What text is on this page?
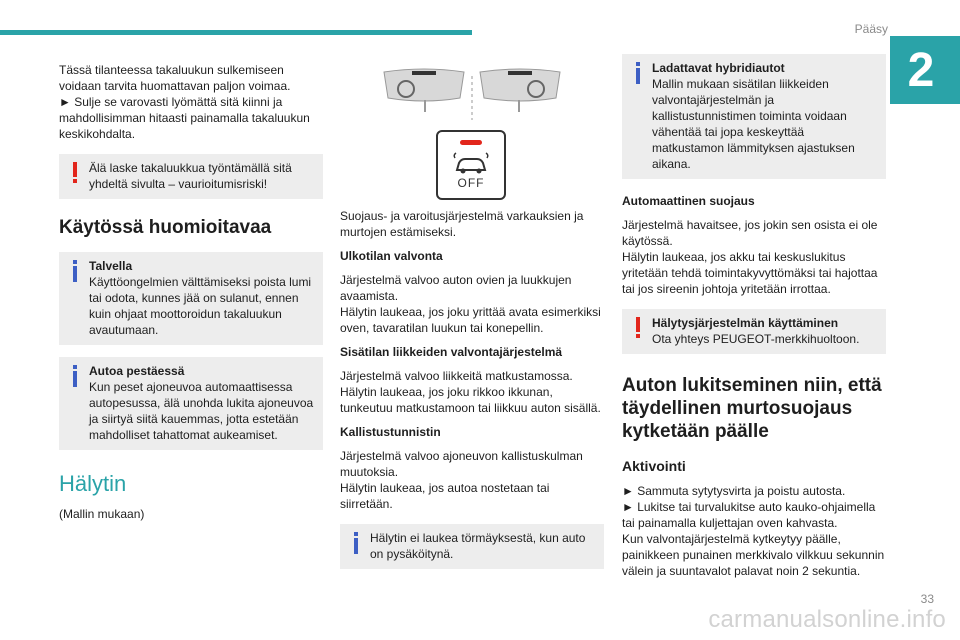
Pääsy
2

Tässä tilanteessa takaluukun sulkemiseen voidaan tarvita huomattavan paljon voimaa.

► Sulje se varovasti lyömättä sitä kiinni ja mahdollisimman hitaasti painamalla takaluukun keskikohdalta.

Älä laske takaluukkua työntämällä sitä yhdeltä sivulta – vaurioitumisriski!
Käytössä huomioitavaa
Talvella
Käyttöongelmien välttämiseksi poista lumi tai odota, kunnes jää on sulanut, ennen kuin ohjaat moottoroidun takaluukun avautumaan.
Autoa pestäessä
Kun peset ajoneuvoa automaattisessa autopesussa, älä unohda lukita ajoneuvoa ja siirtyä siitä kauemmas, jotta estetään mahdolliset tahattomat aukeamiset.
Hälytin

(Mallin mukaan)

OFF

Suojaus- ja varoitusjärjestelmä varkauksien ja murtojen estämiseksi.

Ulkotilan valvonta

Järjestelmä valvoo auton ovien ja luukkujen avaamista.

Hälytin laukeaa, jos joku yrittää avata esimerkiksi oven, tavaratilan luukun tai konepellin.

Sisätilan liikkeiden valvontajärjestelmä

Järjestelmä valvoo liikkeitä matkustamossa.

Hälytin laukeaa, jos joku rikkoo ikkunan, tunkeutuu matkustamoon tai liikkuu auton sisällä.

Kallistustunnistin

Järjestelmä valvoo ajoneuvon kallistuskulman muutoksia.

Hälytin laukeaa, jos autoa nostetaan tai siirretään.

Hälytin ei laukea törmäyksestä, kun auto on pysäköitynä.
Ladattavat hybridiautot
Mallin mukaan sisätilan liikkeiden valvontajärjestelmän ja kallistustunnistimen toiminta voidaan vähentää tai jopa keskeyttää matkustamon lämmityksen ajastuksen aikana.
Automaattinen suojaus

Järjestelmä havaitsee, jos jokin sen osista ei ole käytössä.

Hälytin laukeaa, jos akku tai keskuslukitus yritetään tehdä toimintakyvyttömäksi tai hajottaa tai jos sireenin johtoja yritetään irrottaa.

Hälytysjärjestelmän käyttäminen
Ota yhteys PEUGEOT-merkkihuoltoon.
Auton lukitseminen niin, että täydellinen murtosuojaus kytketään päälle
Aktivointi

► Sammuta sytytysvirta ja poistu autosta.

► Lukitse tai turvalukitse auto kauko-ohjaimella tai painamalla kuljettajan oven kahvasta.

Kun valvontajärjestelmä kytkeytyy päälle, painikkeen punainen merkkivalo vilkkuu sekunnin välein ja suuntavalot palavat noin 2 sekuntia.

carmanualsonline.info
33
